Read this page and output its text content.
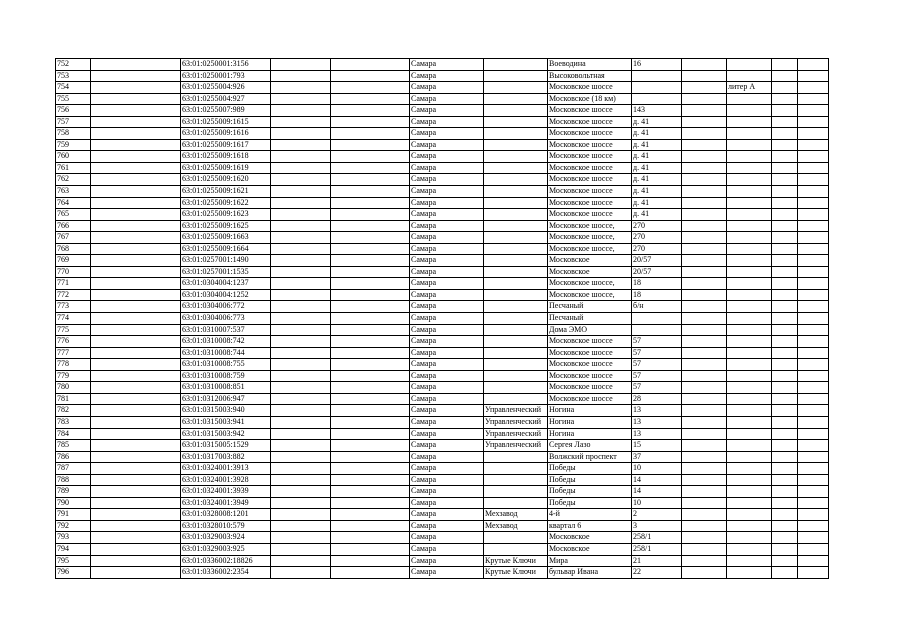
752		63:01:0250001:3156			Самара		Воеводина	16				

753		63:01:0250001:793			Самара		Высоковольтная					

754		63:01:0255004:926			Самара		Московское шоссе			литер А		

755		63:01:0255004:927			Самара		Московское (18 км)					

756		63:01:0255007:989			Самара		Московское шоссе	143				

757		63:01:0255009:1615			Самара		Московское шоссе	д. 41				

758		63:01:0255009:1616			Самара		Московское шоссе	д. 41				

759		63:01:0255009:1617			Самара		Московское шоссе	д. 41				

760		63:01:0255009:1618			Самара		Московское шоссе	д. 41				

761		63:01:0255009:1619			Самара		Московское шоссе	д. 41				

762		63:01:0255009:1620			Самара		Московское шоссе	д. 41				

763		63:01:0255009:1621			Самара		Московское шоссе	д. 41				

764		63:01:0255009:1622			Самара		Московское шоссе	д. 41				

765		63:01:0255009:1623			Самара		Московское шоссе	д. 41				

766		63:01:0255009:1625			Самара		Московское шоссе,	270				

767		63:01:0255009:1663			Самара		Московское шоссе,	270				

768		63:01:0255009:1664			Самара		Московское шоссе,	270				

769		63:01:0257001:1490			Самара		Московское	20/57				

770		63:01:0257001:1535			Самара		Московское	20/57				

771		63:01:0304004:1237			Самара		Московское шоссе,	18				

772		63:01:0304004:1252			Самара		Московское шоссе,	18				

773		63:01:0304006:772			Самара		Песчаный	б/н				

774		63:01:0304006:773			Самара		Песчаный					

775		63:01:0310007:537			Самара		Дома ЭМО					

776		63:01:0310008:742			Самара		Московское шоссе	57				

777		63:01:0310008:744			Самара		Московское шоссе	57				

778		63:01:0310008:755			Самара		Московское шоссе	57				

779		63:01:0310008:759			Самара		Московское шоссе	57				

780		63:01:0310008:851			Самара		Московское шоссе	57				

781		63:01:0312006:947			Самара		Московское шоссе	28				

782		63:01:0315003:940			Самара	Управленческий	Ногина	13				

783		63:01:0315003:941			Самара	Управленческий	Ногина	13				

784		63:01:0315003:942			Самара	Управленческий	Ногина	13				

785		63:01:0315005:1529			Самара	Управленческий	Сергея Лазо	15				

786		63:01:0317003:882			Самара		Волжский проспект	37				

787		63:01:0324001:3913			Самара		Победы	10				

788		63:01:0324001:3928			Самара		Победы	14				

789		63:01:0324001:3939			Самара		Победы	14				

790		63:01:0324001:3949			Самара		Победы	10				

791		63:01:0328008:1201			Самара	Мехзавод	4-й	2				

792		63:01:0328010:579			Самара	Мехзавод	квартал 6	3				

793		63:01:0329003:924			Самара		Московское	258/1				

794		63:01:0329003:925			Самара		Московское	258/1				

795		63:01:0336002:18826			Самара	Крутые Ключи	Мира	21				

796		63:01:0336002:2354			Самара	Крутые Ключи	бульвар Ивана	22				
